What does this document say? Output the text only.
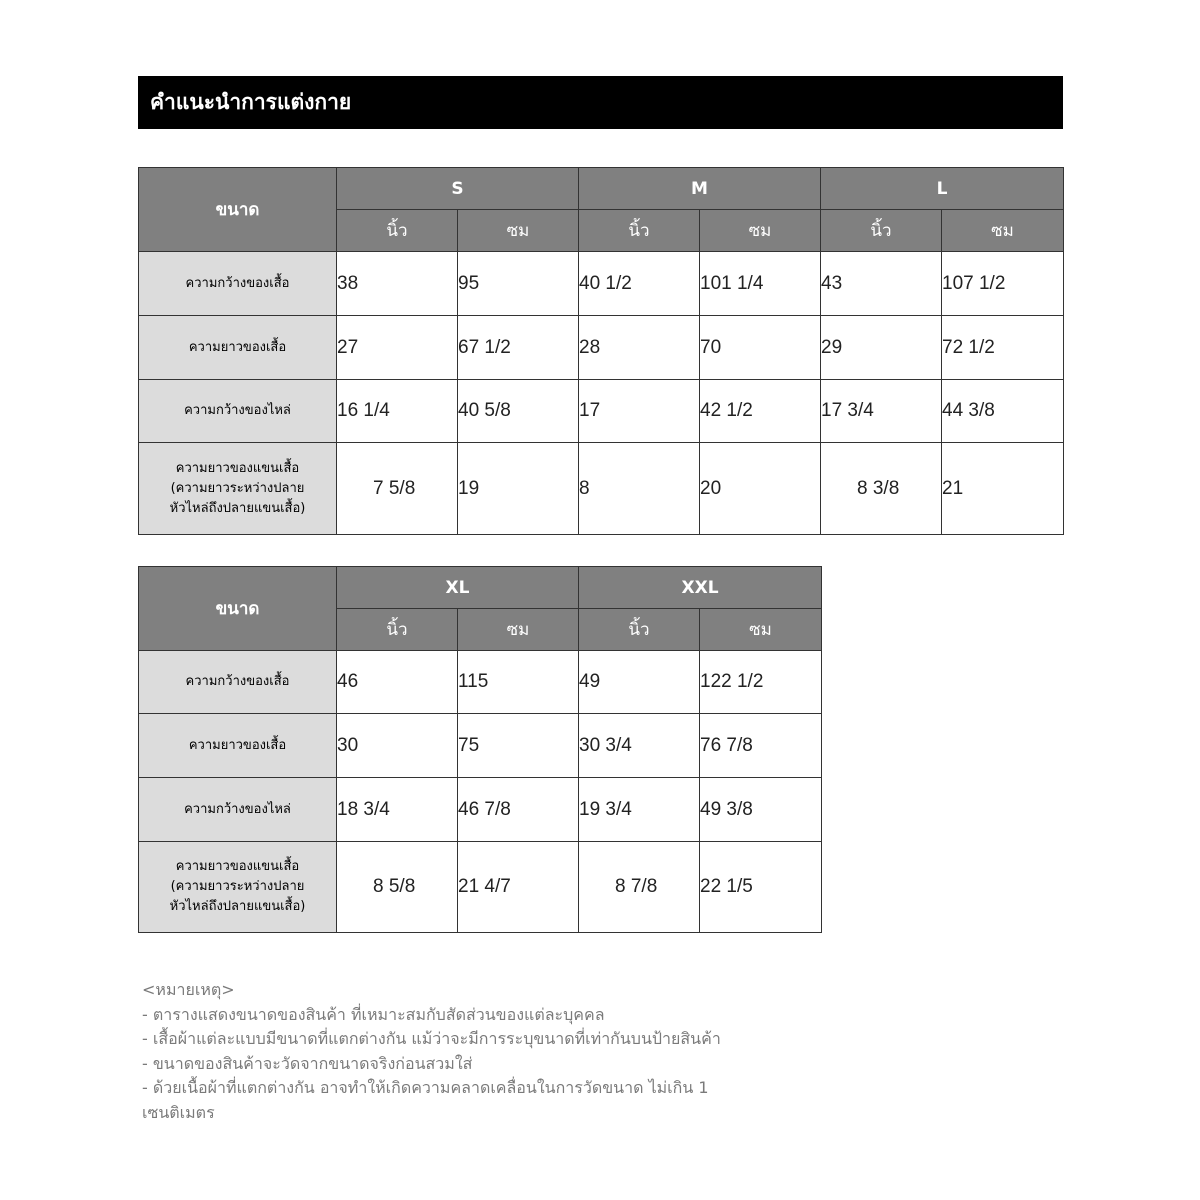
คำแนะนำการแต่งกาย
ขนาด	S		M		L	
	นิ้ว	ซม	นิ้ว	ซม	นิ้ว	ซม
ความกว้างของเสื้อ	38	95	40 1/2	101 1/4	43	107 1/2
ความยาวของเสื้อ	27	67 1/2	28	70	29	72 1/2
ความกว้างของไหล่	16 1/4	40 5/8	17	42 1/2	17 3/4	44 3/8

ความยาวของแขนเสื้อ
(ความยาวระหว่างปลาย
หัวไหล่ถึงปลายแขนเสื้อ)	7 5/8	19	8	20	8 3/8	21
ขนาด	XL		XXL	
	นิ้ว	ซม	นิ้ว	ซม
ความกว้างของเสื้อ	46	115	49	122 1/2
ความยาวของเสื้อ	30	75	30 3/4	76 7/8
ความกว้างของไหล่	18 3/4	46 7/8	19 3/4	49 3/8

ความยาวของแขนเสื้อ
(ความยาวระหว่างปลาย
หัวไหล่ถึงปลายแขนเสื้อ)	8 5/8	21 4/7	8 7/8	22 1/5
<หมายเหตุ>
- ตารางแสดงขนาดของสินค้า ที่เหมาะสมกับสัดส่วนของแต่ละบุคคล
- เสื้อผ้าแต่ละแบบมีขนาดที่แตกต่างกัน แม้ว่าจะมีการระบุขนาดที่เท่ากันบนป้ายสินค้า
- ขนาดของสินค้าจะวัดจากขนาดจริงก่อนสวมใส่
- ด้วยเนื้อผ้าที่แตกต่างกัน อาจทำให้เกิดความคลาดเคลื่อนในการวัดขนาด ไม่เกิน 1
เซนติเมตร
